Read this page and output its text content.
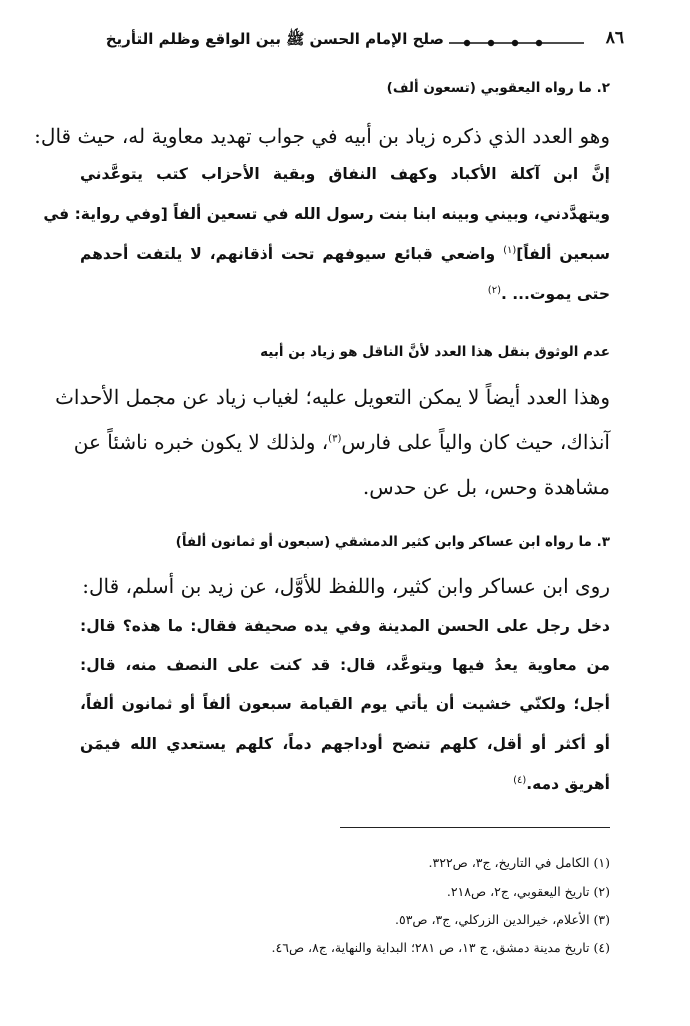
٨٦
صلح الإمام الحسن ﷺ بين الواقع وظلم التأريخ
٢. ما رواه اليعقوبي (تسعون ألف)
وهو العدد الذي ذكره زياد بن أبيه في جواب تهديد معاوية له، حيث قال:
إنَّ ابن آكلة الأكباد وكهف النفاق وبقية الأحزاب كتب يتوعَّدني
ويتهدَّدني، وبيني وبينه ابنا بنت رسول الله في تسعين ألفاً [وفي رواية: في
سبعين ألفاً]$^{(١)}$ واضعي قبائع سيوفهم تحت أذقانهم، لا يلتفت أحدهم
حتى يموت... .$^{(٢)}$
عدم الوثوق بنقل هذا العدد لأنَّ الناقل هو زياد بن أبيه
وهذا العدد أيضاً لا يمكن التعويل عليه؛ لغياب زياد عن مجمل الأحداث
آنذاك، حيث كان والياً على فارس$^{(٣)}$، ولذلك لا يكون خبره ناشئاً عن
مشاهدة وحس، بل عن حدس.
٣. ما رواه ابن عساكر وابن كثير الدمشقي (سبعون أو ثمانون ألفاً)
روى ابن عساكر وابن كثير، واللفظ للأوَّل، عن زيد بن أسلم، قال:
دخل رجل على الحسن المدينة وفي يده صحيفة فقال: ما هذه؟ قال:
من معاوية يعدُ فيها ويتوعَّد، قال: قد كنت على النصف منه، قال:
أجل؛ ولكنّي خشيت أن يأتي يوم القيامة سبعون ألفاً أو ثمانون ألفاً،
أو أكثر أو أقل، كلهم تنضح أوداجهم دماً، كلهم يستعدي الله فيمَن
أهريق دمه.$^{(٤)}$
(١) الكامل في التاريخ، ج٣، ص٣٢٢.
(٢) تاريخ اليعقوبي، ج٢، ص٢١٨.
(٣) الأعلام، خيرالدين الزركلي، ج٣، ص٥٣.
(٤) تاريخ مدينة دمشق، ج ١٣، ص ٢٨١؛ البداية والنهاية، ج٨، ص٤٦.
